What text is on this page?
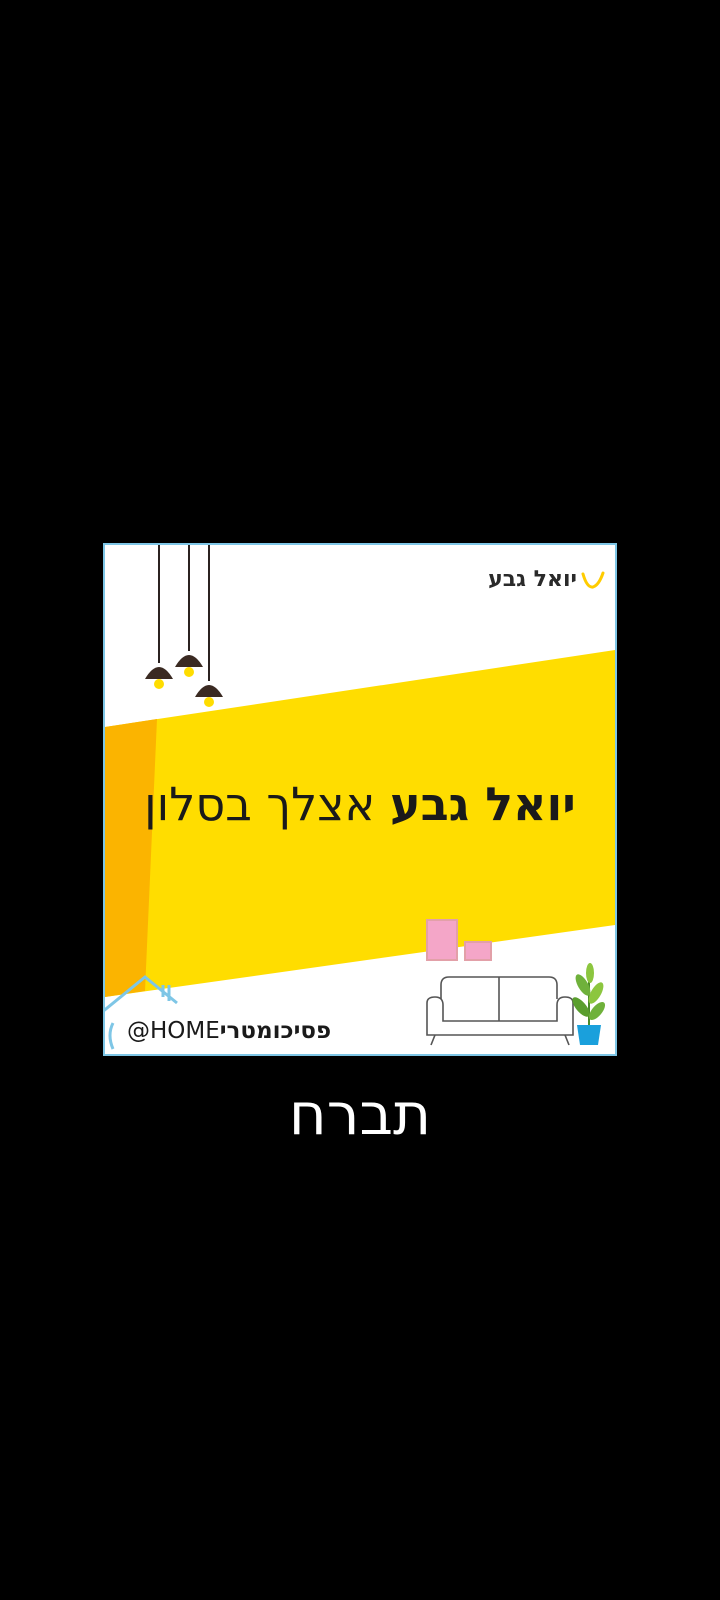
יואל גבע
יואל גבע אצלך בסלון
@HOMEפסיכומטרי
תברח
